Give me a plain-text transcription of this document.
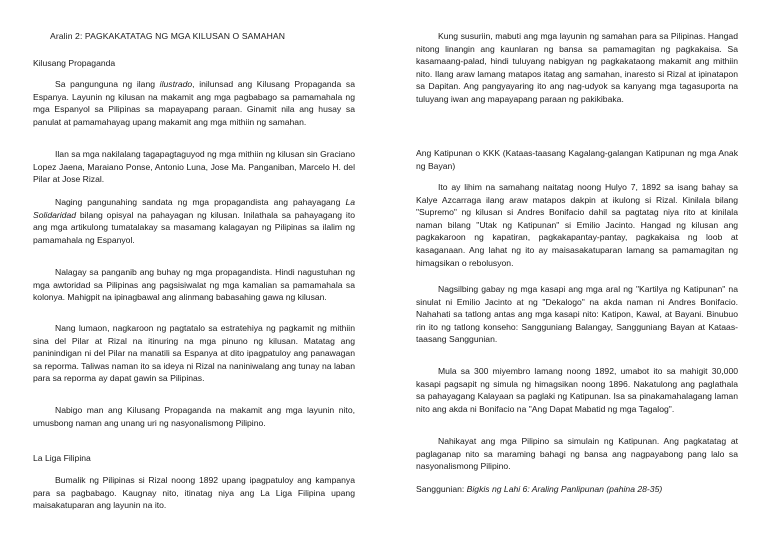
Aralin 2: PAGKAKATATAG NG MGA KILUSAN O SAMAHAN
Kilusang Propaganda

Sa pangunguna ng ilang ilustrado, inilunsad ang Kilusang Propaganda sa Espanya. Layunin ng kilusan na makamit ang mga pagbabago sa pamamahala ng mga Espanyol sa Pilipinas sa mapayapang paraan. Ginamit nila ang husay sa panulat at pamamahayag upang makamit ang mga mithiin ng samahan.

Ilan sa mga nakilalang tagapagtaguyod ng mga mithiin ng kilusan sin Graciano Lopez Jaena, Maraiano Ponse, Antonio Luna, Jose Ma. Panganiban, Marcelo H. del Pilar at Jose Rizal.

Naging pangunahing sandata ng mga propagandista ang pahayagang La Solidaridad bilang opisyal na pahayagan ng kilusan. Inilathala sa pahayagang ito ang mga artikulong tumatalakay sa masamang kalagayan ng Pilipinas sa ilalim ng pamamahala ng Espanyol.

Nalagay sa panganib ang buhay ng mga propagandista. Hindi nagustuhan ng mga awtoridad sa Pilipinas ang pagsisiwalat ng mga kamalian sa pamamahala sa kolonya. Mahigpit na ipinagbawal ang alinmang babasahing gawa ng kilusan.

Nang lumaon, nagkaroon ng pagtatalo sa estratehiya ng pagkamit ng mithiin sina del Pilar at Rizal na itinuring na mga pinuno ng kilusan. Matatag ang paninindigan ni del Pilar na manatili sa Espanya at dito ipagpatuloy ang panawagan sa reporma. Taliwas naman ito sa ideya ni Rizal na naniniwalang ang tunay na laban para sa reporma ay dapat gawin sa Pilipinas.

Nabigo man ang Kilusang Propaganda na makamit ang mga layunin nito, umusbong naman ang unang uri ng nasyonalismong Pilipino.

La Liga Filipina

Bumalik ng Pilipinas si Rizal noong 1892 upang ipagpatuloy ang kampanya para sa pagbabago. Kaugnay nito, itinatag niya ang La Liga Filipina upang maisakatuparan ang layunin na ito.

Kung susuriin, mabuti ang mga layunin ng samahan para sa Pilipinas. Hangad nitong linangin ang kaunlaran ng bansa sa pamamagitan ng pagkakaisa. Sa kasamaang-palad, hindi tuluyang nabigyan ng pagkakataong makamit ang mithiin nito. Ilang araw lamang matapos itatag ang samahan, inaresto si Rizal at ipinatapon sa Dapitan. Ang pangyayaring ito ang nag-udyok sa kanyang mga tagasuporta na tuluyang iwan ang mapayapang paraan ng pakikibaka.

Ang Katipunan o KKK (Kataas-taasang Kagalang-galangan Katipunan ng mga Anak ng Bayan)

Ito ay lihim na samahang naitatag noong Hulyo 7, 1892 sa isang bahay sa Kalye Azcarraga ilang araw matapos dakpin at ikulong si Rizal. Kinilala bilang "Supremo" ng kilusan si Andres Bonifacio dahil sa pagtatag niya rito at kinilala naman bilang "Utak ng Katipunan" si Emilio Jacinto. Hangad ng kilusan ang pagkakaroon ng kapatiran, pagkakapantay-pantay, pagkakaisa ng loob at kasaganaan. Ang lahat ng ito ay maisasakatuparan lamang sa pamamagitan ng himagsikan o rebolusyon.

Nagsilbing gabay ng mga kasapi ang mga aral ng "Kartilya ng Katipunan" na sinulat ni Emilio Jacinto at ng "Dekalogo" na akda naman ni Andres Bonifacio. Nahahati sa tatlong antas ang mga kasapi nito: Katipon, Kawal, at Bayani. Binubuo rin ito ng tatlong konseho: Sangguniang Balangay, Sangguniang Bayan at Kataas-taasang Sanggunian.

Mula sa 300 miyembro lamang noong 1892, umabot ito sa mahigit 30,000 kasapi pagsapit ng simula ng himagsikan noong 1896. Nakatulong ang paglathala sa pahayagang Kalayaan sa paglaki ng Katipunan. Isa sa pinakamahalagang laman nito ang akda ni Bonifacio na "Ang Dapat Mabatid ng mga Tagalog".

Nahikayat ang mga Pilipino sa simulain ng Katipunan. Ang pagkatatag at paglaganap nito sa maraming bahagi ng bansa ang nagpayabong pang lalo sa nasyonalismong Pilipino.

Sanggunian: Bigkis ng Lahi 6: Araling Panlipunan (pahina 28-35)
